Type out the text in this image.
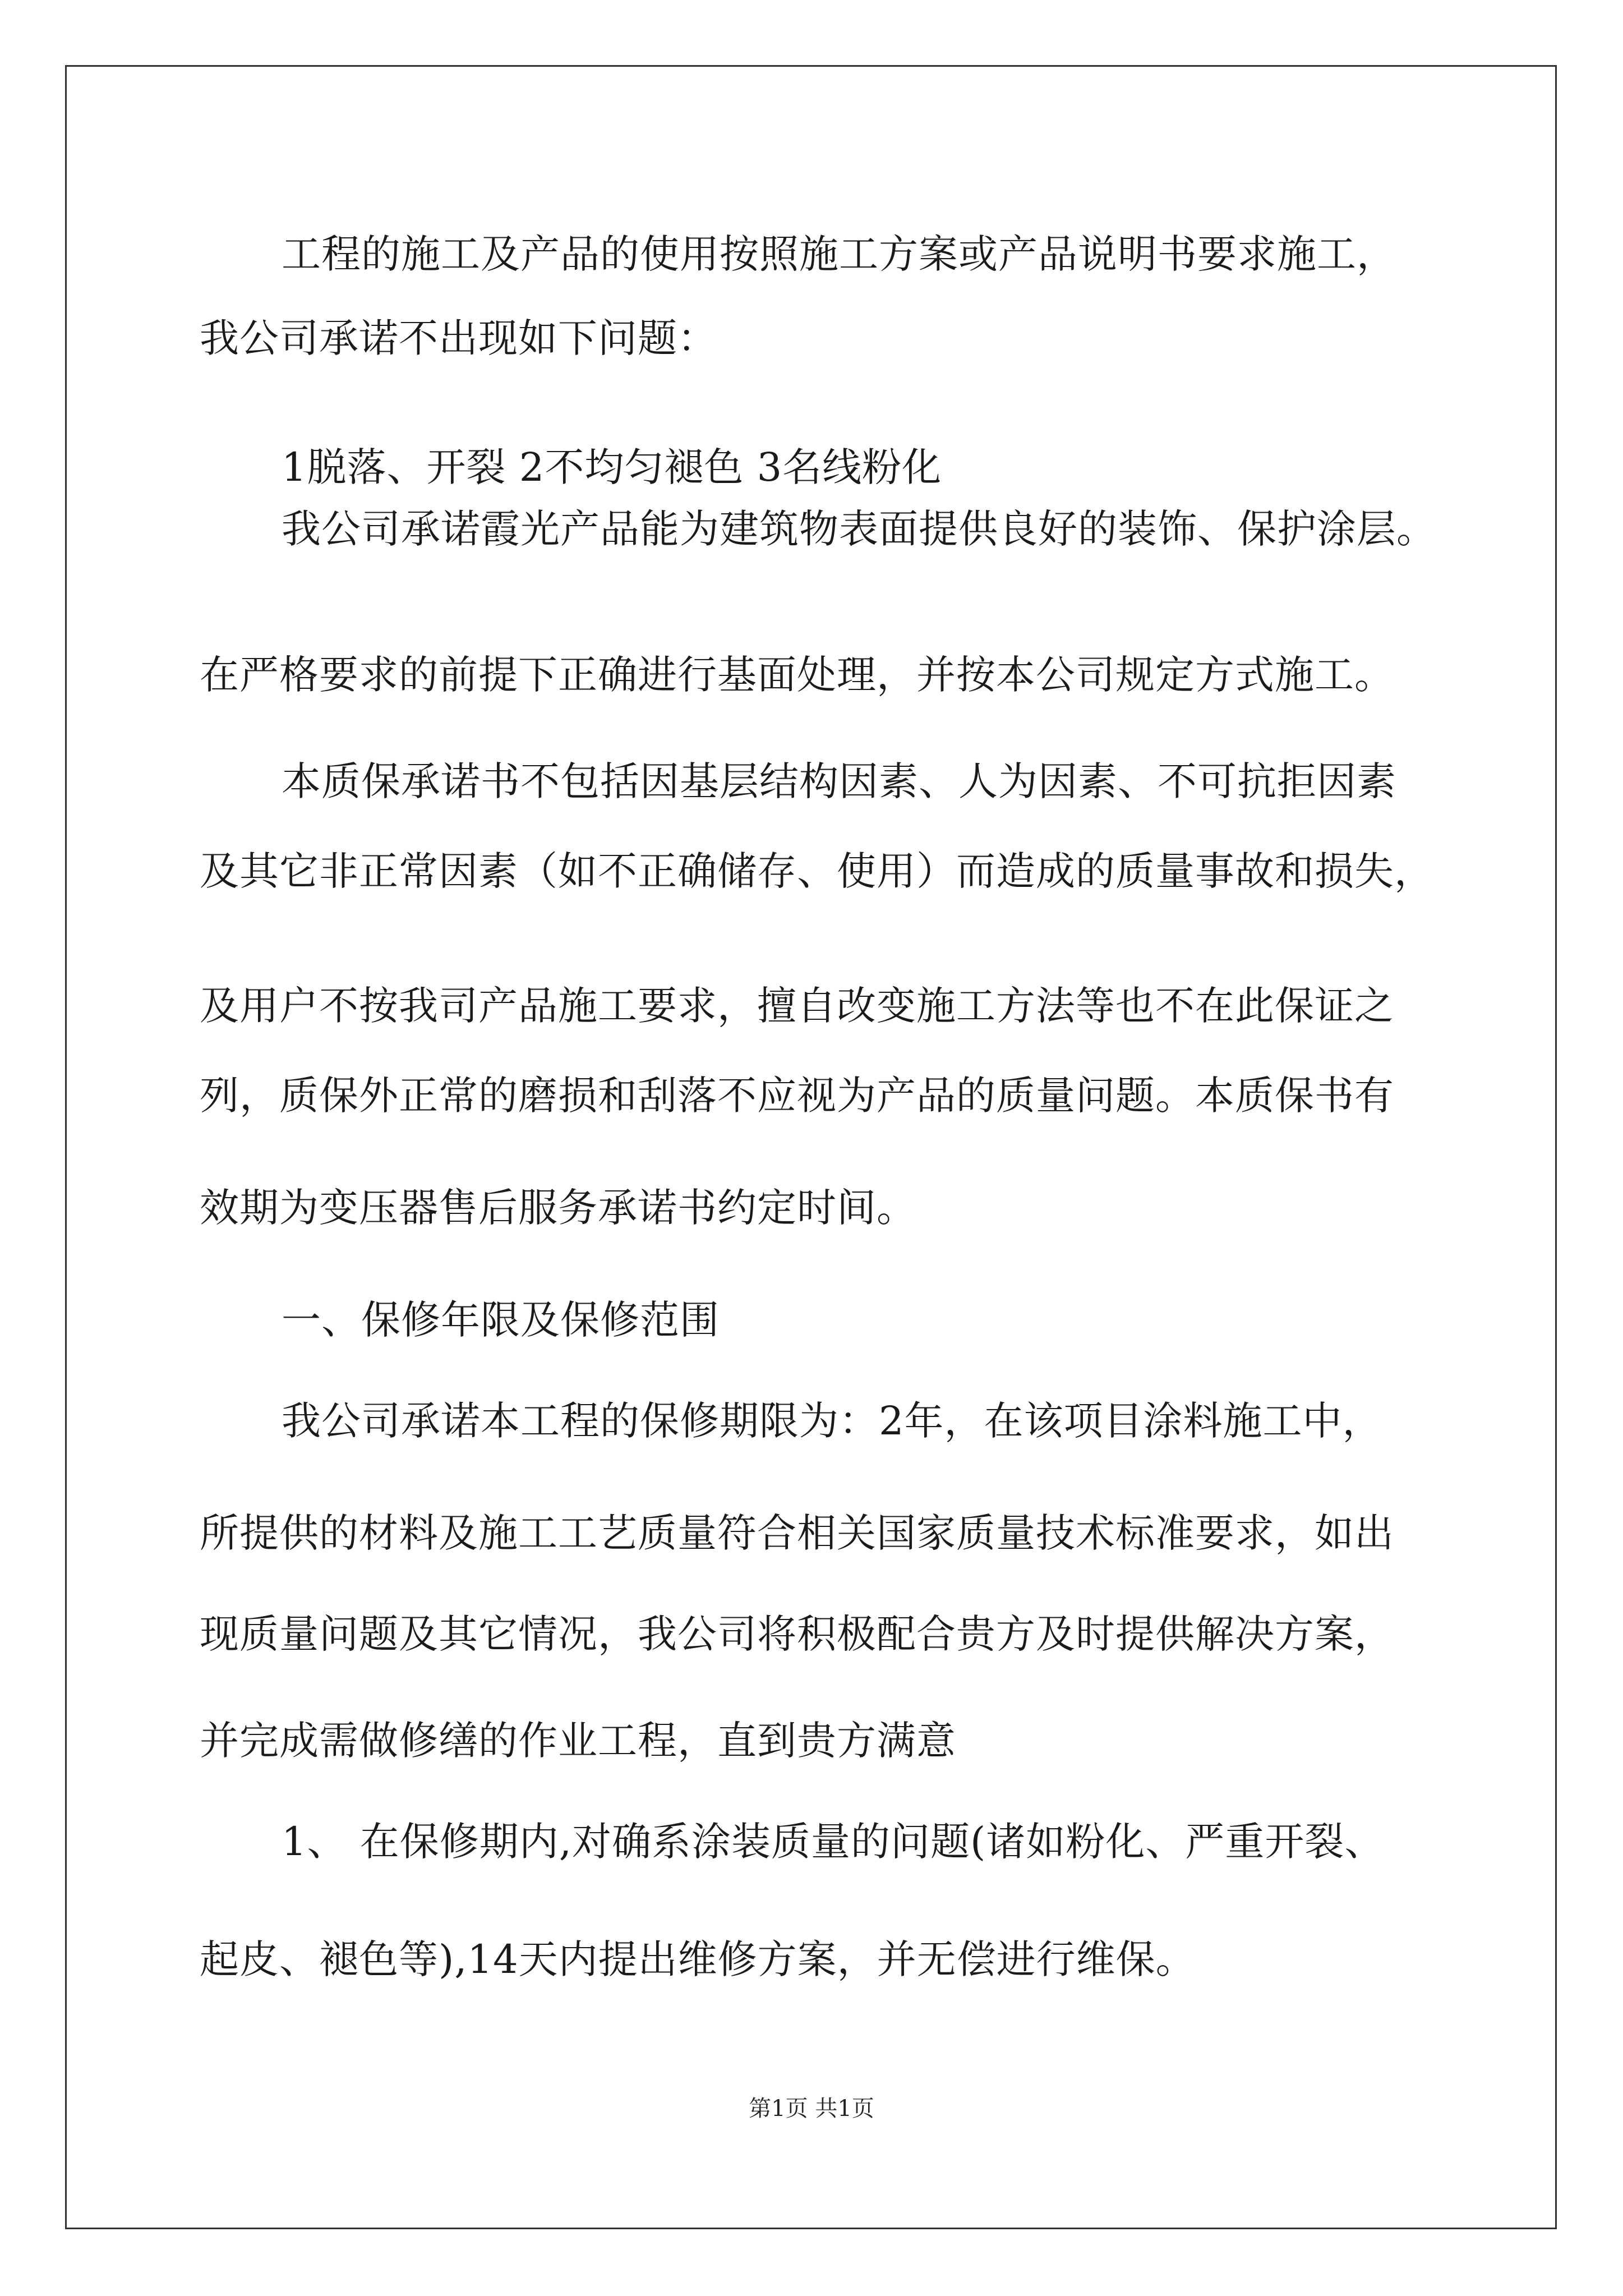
工程的施工及产品的使用按照施工方案或产品说明书要求施工，
我公司承诺不出现如下问题：
1脱落、开裂 2不均匀褪色 3名线粉化
我公司承诺霞光产品能为建筑物表面提供良好的装饰、保护涂层。
在严格要求的前提下正确进行基面处理，并按本公司规定方式施工。
本质保承诺书不包括因基层结构因素、人为因素、不可抗拒因素
及其它非正常因素（如不正确储存、使用）而造成的质量事故和损失，
及用户不按我司产品施工要求，擅自改变施工方法等也不在此保证之
列，质保外正常的磨损和刮落不应视为产品的质量问题。本质保书有
效期为变压器售后服务承诺书约定时间。
一、保修年限及保修范围
我公司承诺本工程的保修期限为：2年，在该项目涂料施工中，
所提供的材料及施工工艺质量符合相关国家质量技术标准要求，如出
现质量问题及其它情况，我公司将积极配合贵方及时提供解决方案，
并完成需做修缮的作业工程，直到贵方满意
1、 在保修期内,对确系涂装质量的问题(诸如粉化、严重开裂、
起皮、褪色等),14天内提出维修方案，并无偿进行维保。
第1页 共1页
